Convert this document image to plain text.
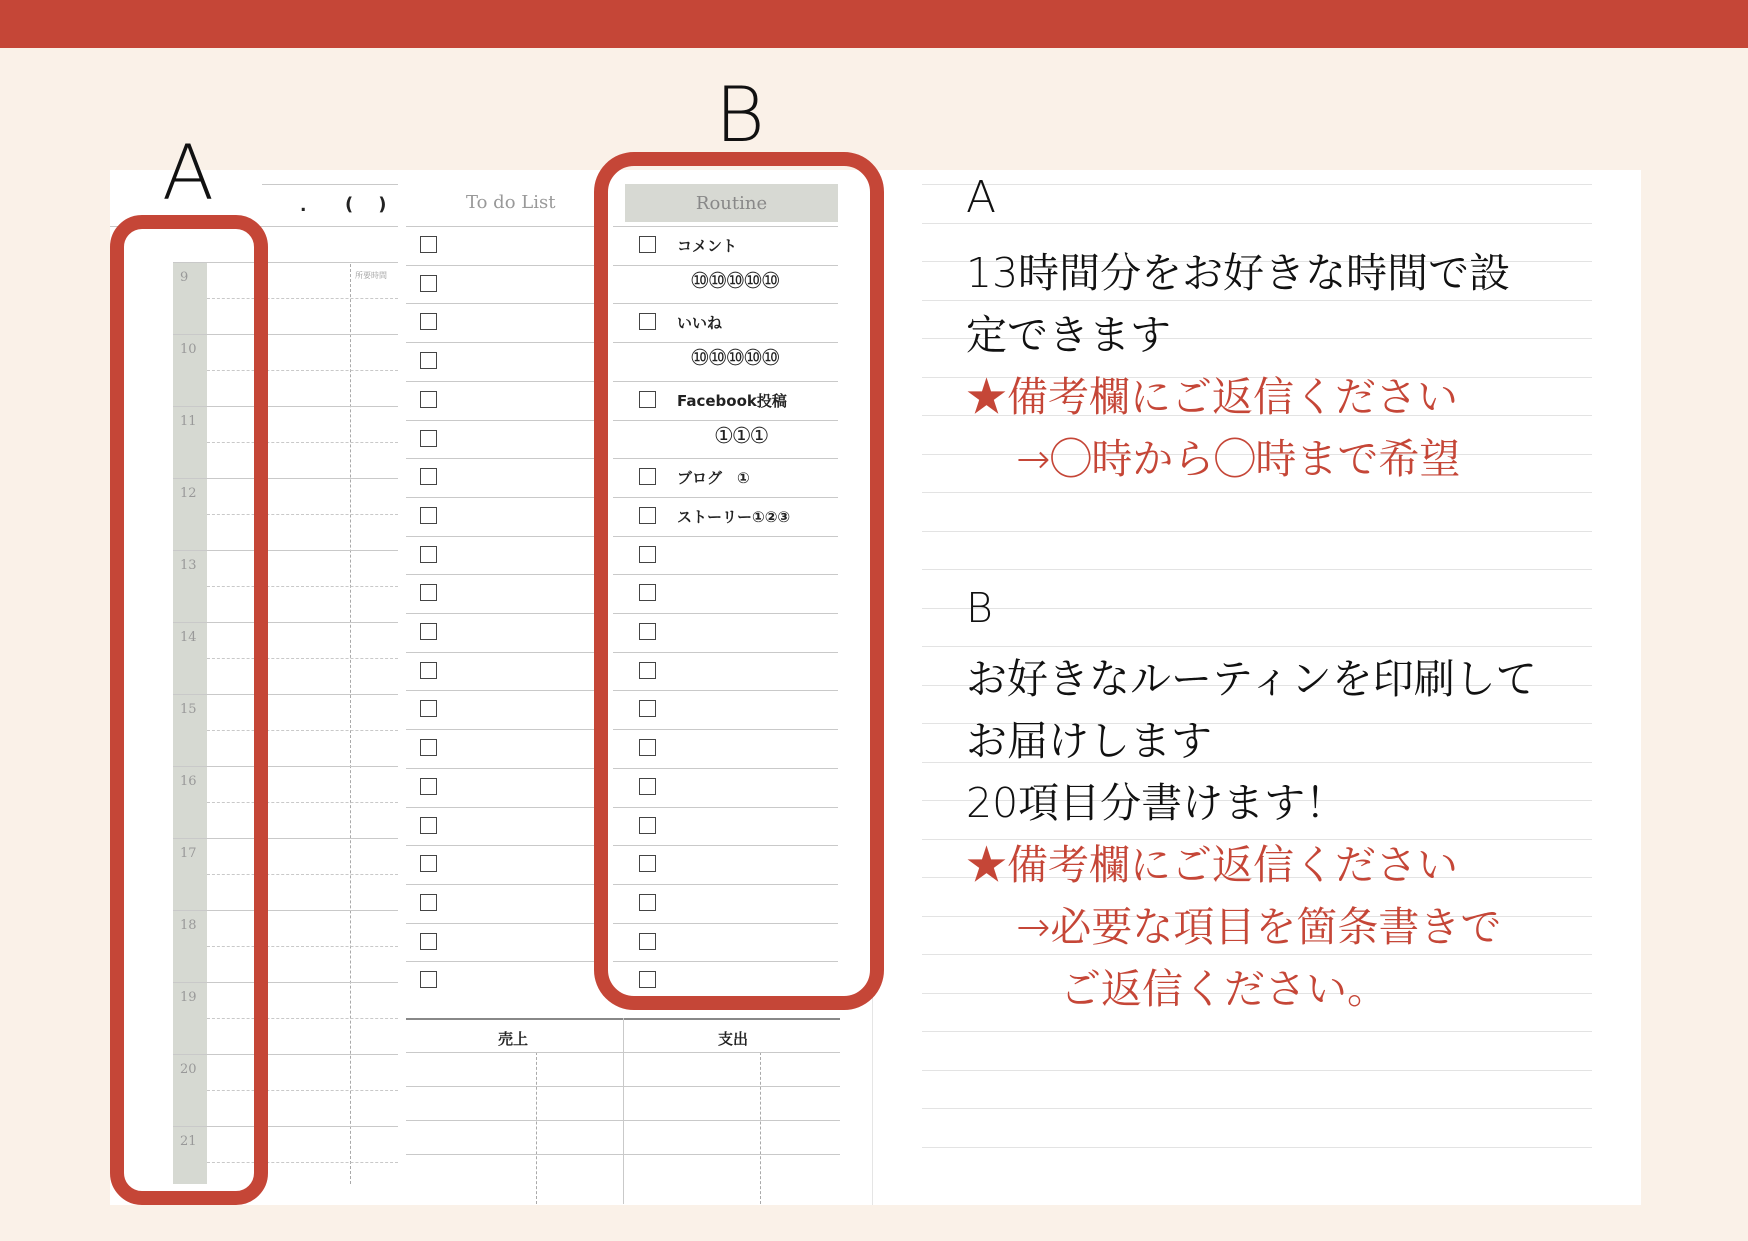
A
B
. (    )
所要時間
9
10
11
12
13
14
15
16
17
18
19
20
21
To do List	Routine
コメント
⑩⑩⑩⑩⑩
いいね
⑩⑩⑩⑩⑩
Facebook投稿
①①①
ブログ　①
ストーリー①②③
売上	支出
A
13時間分をお好きな時間で設
定できます
★備考欄にご返信ください
→◯時から◯時まで希望
B
お好きなルーティンを印刷して
お届けします
20項目分書けます！
★備考欄にご返信ください
→必要な項目を箇条書きで
ご返信ください。
